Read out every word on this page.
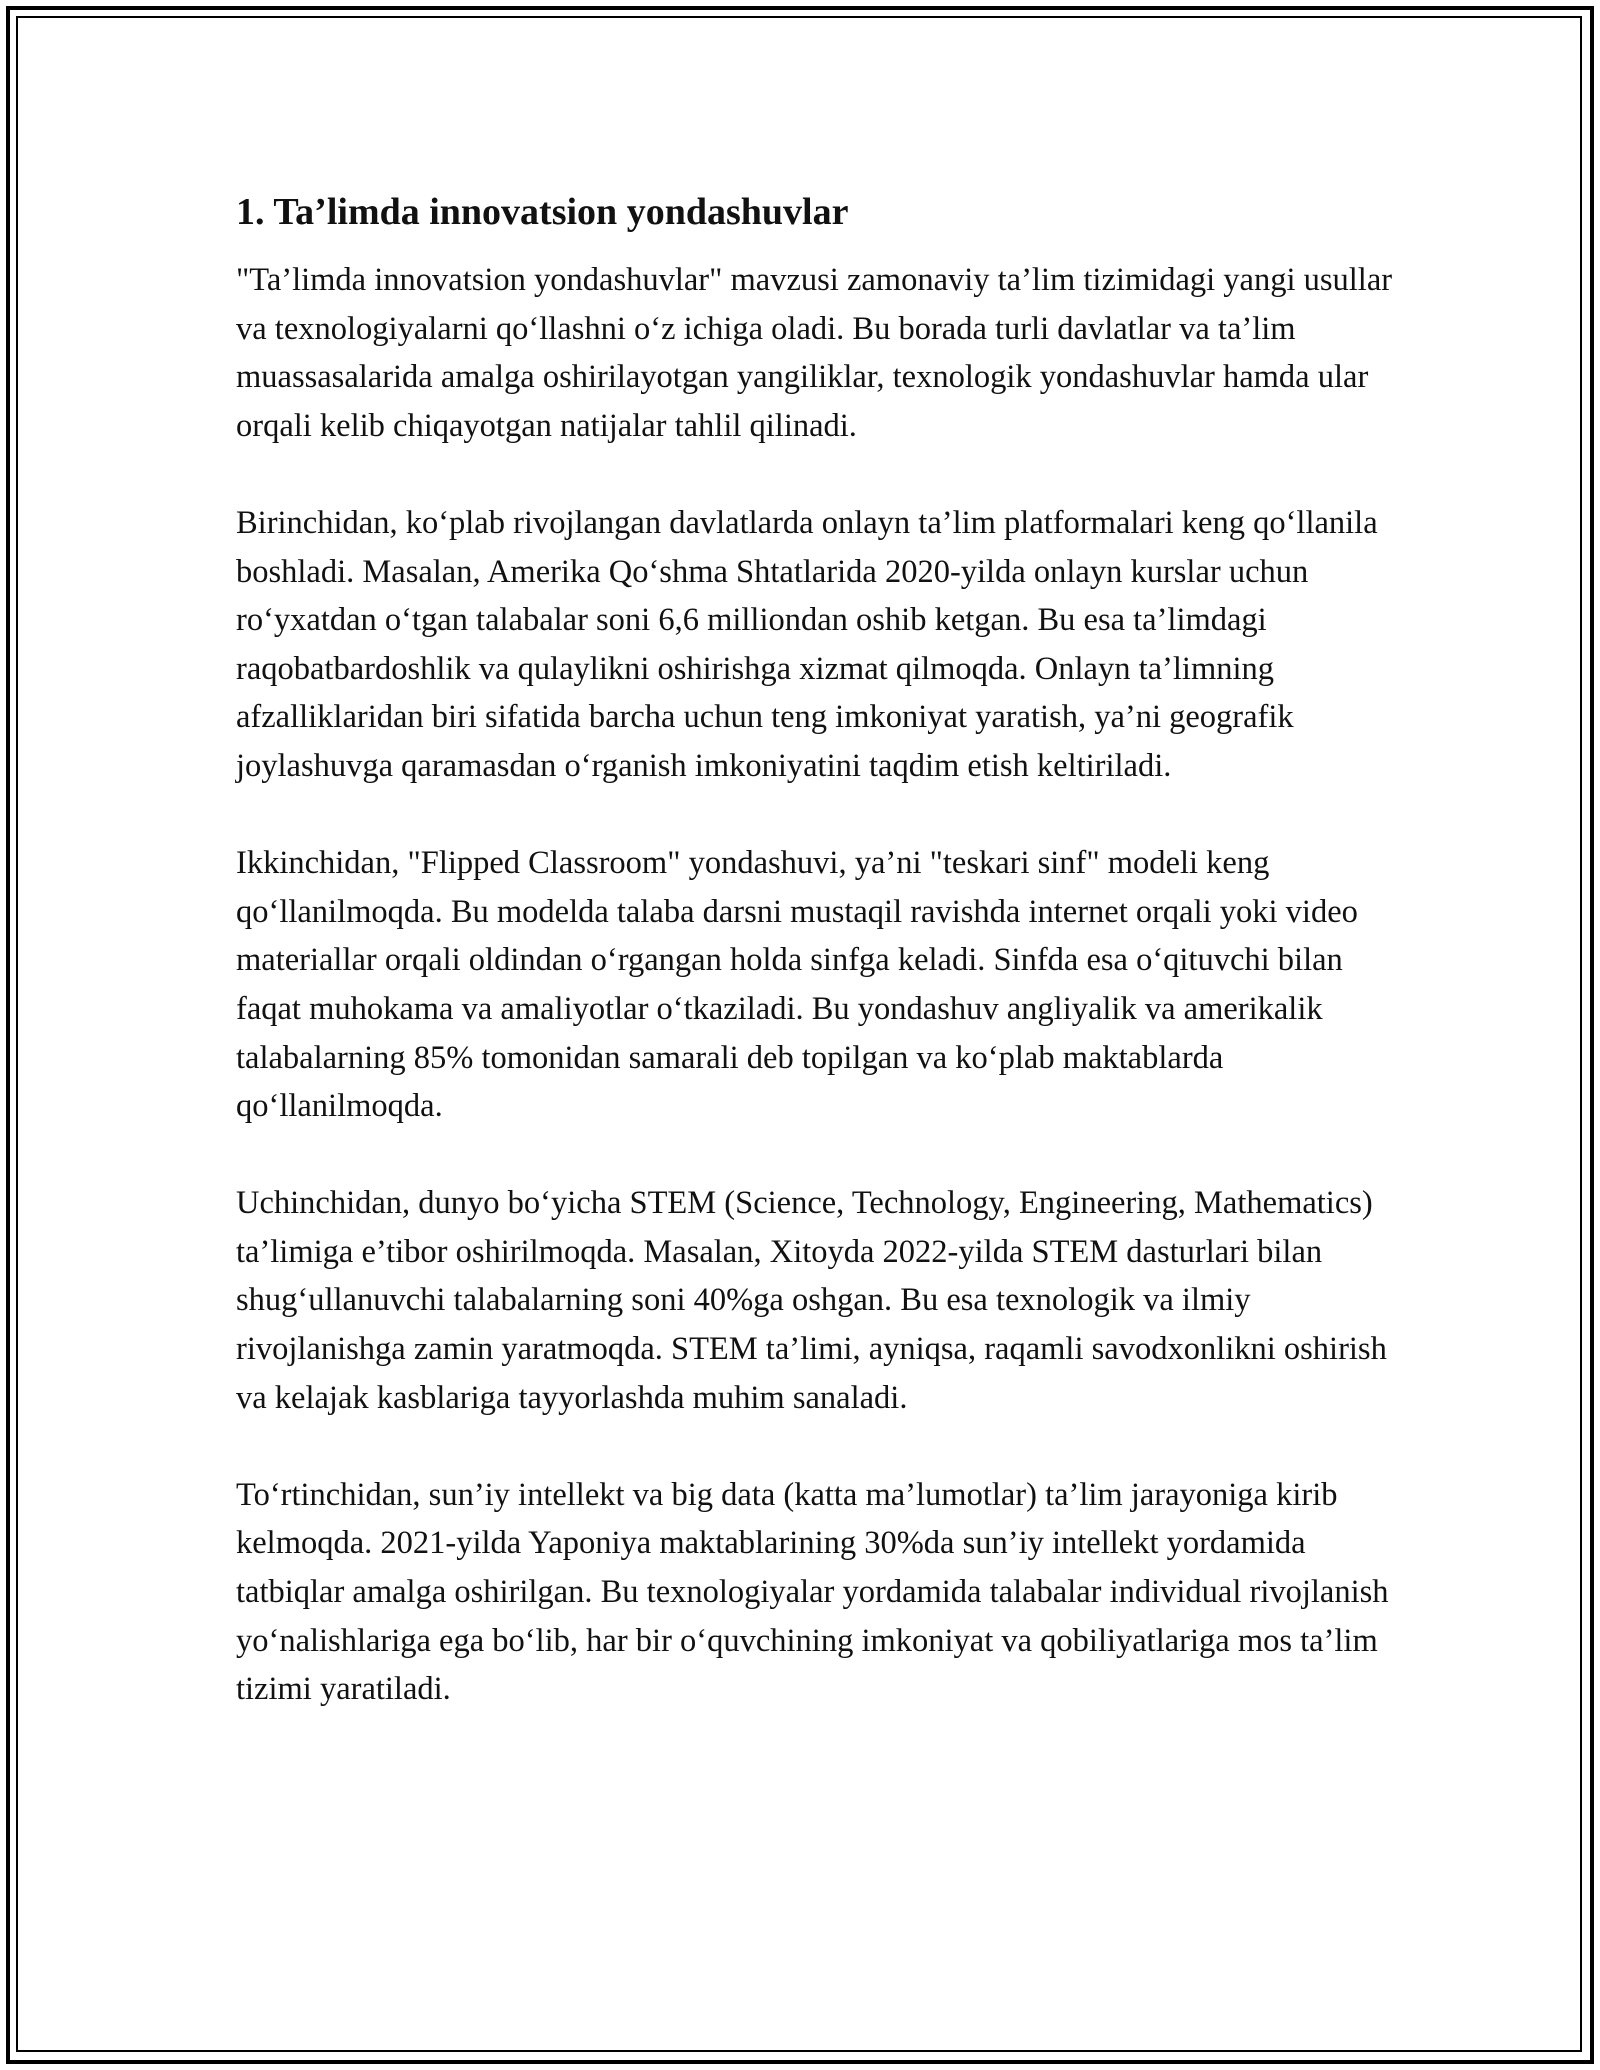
1. Ta’limda innovatsion yondashuvlar

"Ta’limda innovatsion yondashuvlar" mavzusi zamonaviy ta’lim tizimidagi yangi usullar va texnologiyalarni qo‘llashni o‘z ichiga oladi. Bu borada turli davlatlar va ta’lim muassasalarida amalga oshirilayotgan yangiliklar, texnologik yondashuvlar hamda ular orqali kelib chiqayotgan natijalar tahlil qilinadi.

Birinchidan, ko‘plab rivojlangan davlatlarda onlayn ta’lim platformalari keng qo‘llanila boshladi. Masalan, Amerika Qo‘shma Shtatlarida 2020-yilda onlayn kurslar uchun ro‘yxatdan o‘tgan talabalar soni 6,6 milliondan oshib ketgan. Bu esa ta’limdagi raqobatbardoshlik va qulaylikni oshirishga xizmat qilmoqda. Onlayn ta’limning afzalliklaridan biri sifatida barcha uchun teng imkoniyat yaratish, ya’ni geografik joylashuvga qaramasdan o‘rganish imkoniyatini taqdim etish keltiriladi.

Ikkinchidan, "Flipped Classroom" yondashuvi, ya’ni "teskari sinf" modeli keng qo‘llanilmoqda. Bu modelda talaba darsni mustaqil ravishda internet orqali yoki video materiallar orqali oldindan o‘rgangan holda sinfga keladi. Sinfda esa o‘qituvchi bilan faqat muhokama va amaliyotlar o‘tkaziladi. Bu yondashuv angliyalik va amerikalik talabalarning 85% tomonidan samarali deb topilgan va ko‘plab maktablarda qo‘llanilmoqda.

Uchinchidan, dunyo bo‘yicha STEM (Science, Technology, Engineering, Mathematics) ta’limiga e’tibor oshirilmoqda. Masalan, Xitoyda 2022-yilda STEM dasturlari bilan shug‘ullanuvchi talabalarning soni 40%ga oshgan. Bu esa texnologik va ilmiy rivojlanishga zamin yaratmoqda. STEM ta’limi, ayniqsa, raqamli savodxonlikni oshirish va kelajak kasblariga tayyorlashda muhim sanaladi.

To‘rtinchidan, sun’iy intellekt va big data (katta ma’lumotlar) ta’lim jarayoniga kirib kelmoqda. 2021-yilda Yaponiya maktablarining 30%da sun’iy intellekt yordamida tatbiqlar amalga oshirilgan. Bu texnologiyalar yordamida talabalar individual rivojlanish yo‘nalishlariga ega bo‘lib, har bir o‘quvchining imkoniyat va qobiliyatlariga mos ta’lim tizimi yaratiladi.
